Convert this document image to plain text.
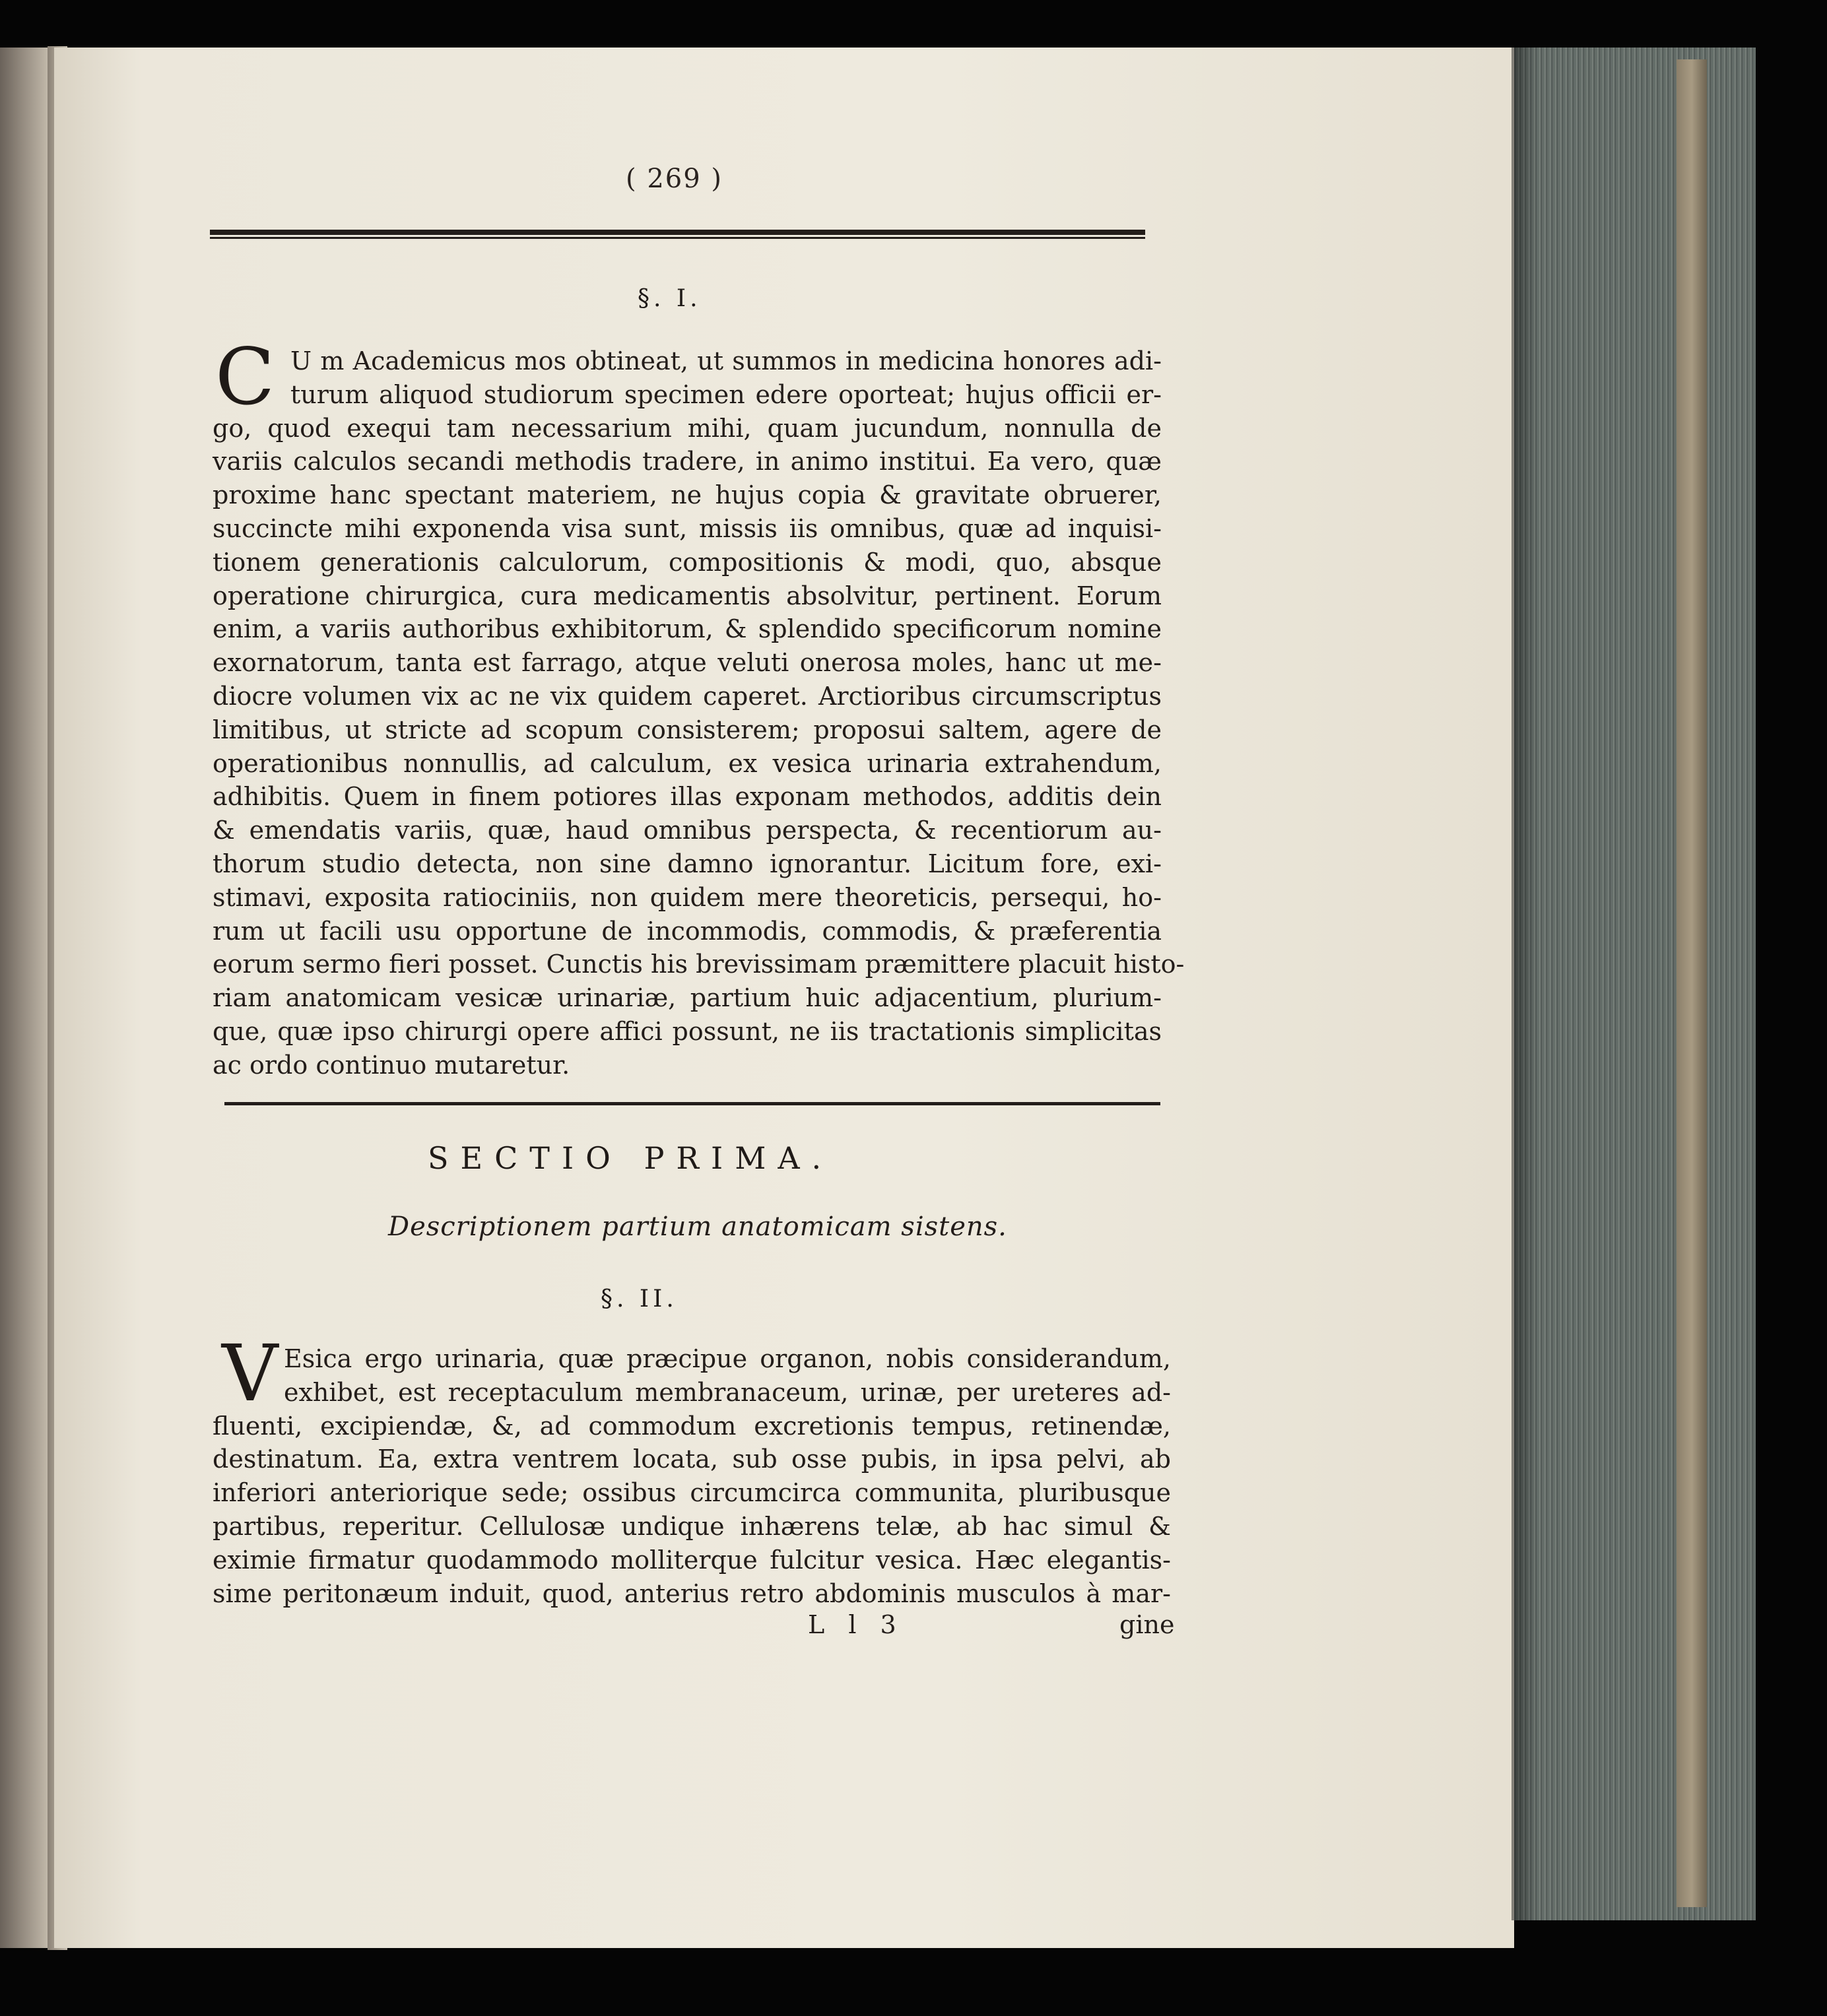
( 269 )
§. I.
C U m Academicus mos obtineat, ut summos in medicina honores adi-
turum aliquod studiorum specimen edere oporteat; hujus officii er-
go, quod exequi tam necessarium mihi, quam jucundum, nonnulla de
variis calculos secandi methodis tradere, in animo institui. Ea vero, quæ
proxime hanc spectant materiem, ne hujus copia & gravitate obruerer,
succincte mihi exponenda visa sunt, missis iis omnibus, quæ ad inquisi-
tionem generationis calculorum, compositionis & modi, quo, absque
operatione chirurgica, cura medicamentis absolvitur, pertinent. Eorum
enim, a variis authoribus exhibitorum, & splendido specificorum nomine
exornatorum, tanta est farrago, atque veluti onerosa moles, hanc ut me-
diocre volumen vix ac ne vix quidem caperet. Arctioribus circumscriptus
limitibus, ut stricte ad scopum consisterem; proposui saltem, agere de
operationibus nonnullis, ad calculum, ex vesica urinaria extrahendum,
adhibitis. Quem in finem potiores illas exponam methodos, additis dein
& emendatis variis, quæ, haud omnibus perspecta, & recentiorum au-
thorum studio detecta, non sine damno ignorantur. Licitum fore, exi-
stimavi, exposita ratiociniis, non quidem mere theoreticis, persequi, ho-
rum ut facili usu opportune de incommodis, commodis, & præferentia
eorum sermo fieri posset. Cunctis his brevissimam præmittere placuit histo-
riam anatomicam vesicæ urinariæ, partium huic adjacentium, plurium-
que, quæ ipso chirurgi opere affici possunt, ne iis tractationis simplicitas
ac ordo continuo mutaretur.
SECTIO PRIMA.
Descriptionem partium anatomicam sistens.
§. II.
V Esica ergo urinaria, quæ præcipue organon, nobis considerandum,
exhibet, est receptaculum membranaceum, urinæ, per ureteres ad-
fluenti, excipiendæ, &, ad commodum excretionis tempus, retinendæ,
destinatum. Ea, extra ventrem locata, sub osse pubis, in ipsa pelvi, ab
inferiori anteriorique sede; ossibus circumcirca communita, pluribusque
partibus, reperitur. Cellulosæ undique inhærens telæ, ab hac simul &
eximie firmatur quodammodo molliterque fulcitur vesica. Hæc elegantis-
sime peritonæum induit, quod, anterius retro abdominis musculos à mar-
L l 3	gine
